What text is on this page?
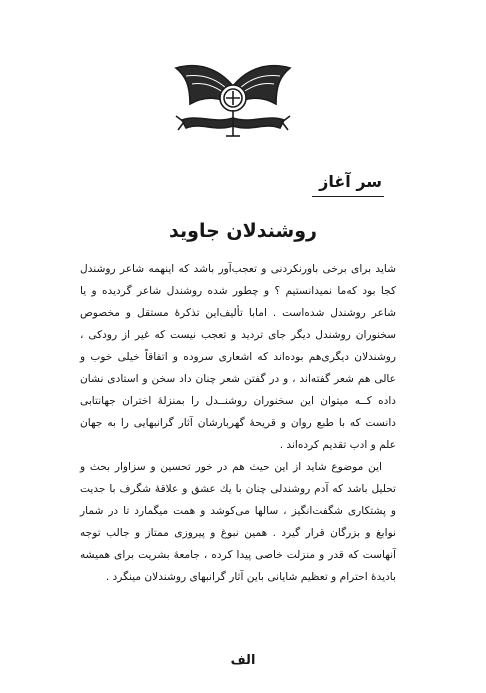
سر آغاز
روشندلان جاوید

شاید برای برخی باورنکردنی و تعجب‌آور باشد که اینهمه شاعر روشندل کجا بود که‌ما نمیدانستیم ؟ و چطور شده روشندل شاعر گردیده و یا شاعر روشندل شده‌است . امابا تألیف‌این تذکرهٔ مستقل و مخصوص سخنوران روشندل دیگر جای تردید و تعجب نیست که غیر از رودکی ، روشندلان دیگری‌هم بوده‌اند که اشعاری سروده و اتفاقاً خیلی خوب و عالی هم شعر گفته‌اند ، و در گفتن شعر چنان داد سخن و استادی نشان داده کــه میتوان این سخنوران روشنــدل را بمنزلهٔ اختران جهانتابی دانست که با طبع روان و قریحهٔ گهربارشان آثار گرانبهایی را به جهان علم و ادب تقدیم کرده‌اند .

این موضوع شاید از این حیث هم در خور تحسین و سزاوار بحث و تحلیل باشد که آدم روشندلی چنان با یك عشق و علاقهٔ شگرف با جدیت و پشتکاری شگفت‌انگیز ، سالها می‌کوشد و همت میگمارد تا در شمار نوابغ و بزرگان قرار گیرد . همین نبوغ و پیروزی ممتاز و جالب توجه آنهاست که قدر و منزلت خاصی پیدا کرده ، جامعهٔ بشریت برای همیشه بادیدهٔ احترام و تعظیم شایانی باین آثار گرانبهای روشندلان مینگرد .

الف
